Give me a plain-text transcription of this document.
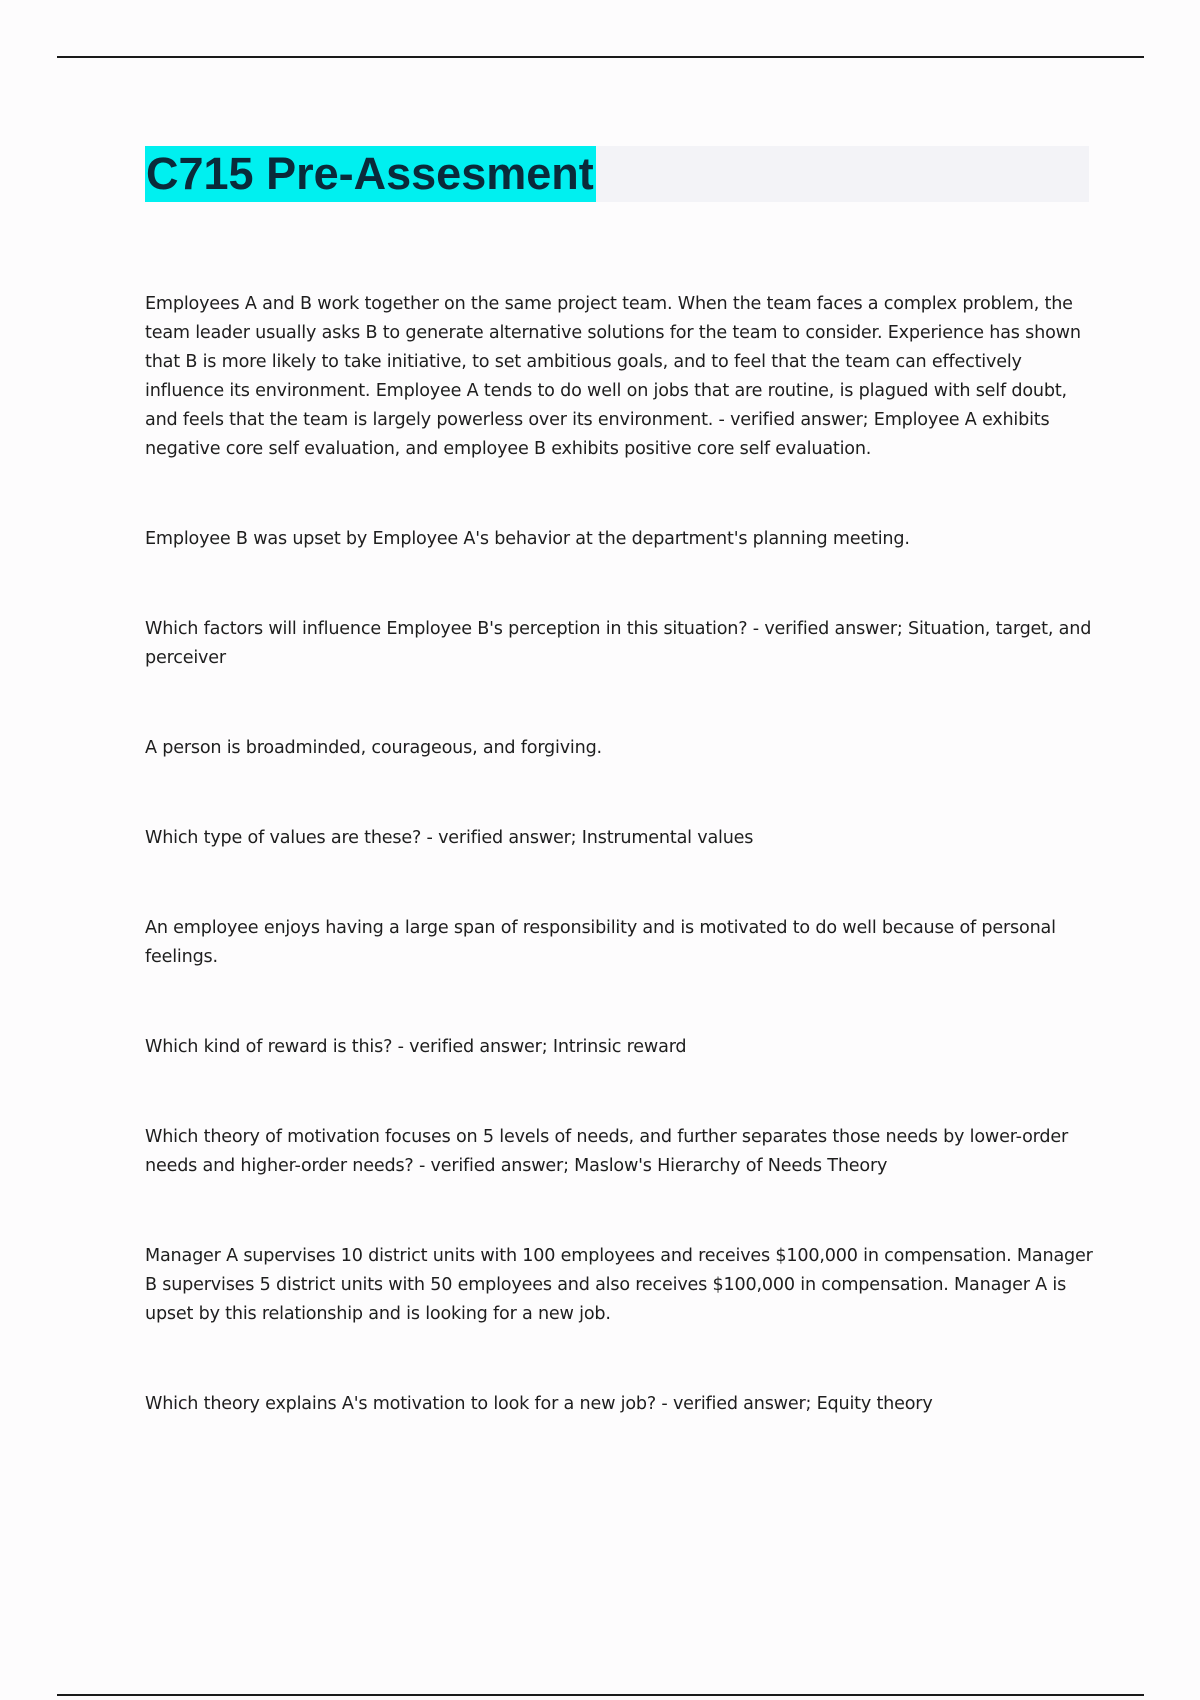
C715 Pre-Assesment

Employees A and B work together on the same project team. When the team faces a complex problem, the team leader usually asks B to generate alternative solutions for the team to consider. Experience has shown that B is more likely to take initiative, to set ambitious goals, and to feel that the team can effectively influence its environment. Employee A tends to do well on jobs that are routine, is plagued with self doubt, and feels that the team is largely powerless over its environment. - verified answer; Employee A exhibits negative core self evaluation, and employee B exhibits positive core self evaluation.

Employee B was upset by Employee A's behavior at the department's planning meeting.

Which factors will influence Employee B's perception in this situation? - verified answer; Situation, target, and perceiver

A person is broadminded, courageous, and forgiving.

Which type of values are these? - verified answer; Instrumental values

An employee enjoys having a large span of responsibility and is motivated to do well because of personal feelings.

Which kind of reward is this? - verified answer; Intrinsic reward

Which theory of motivation focuses on 5 levels of needs, and further separates those needs by lower-order needs and higher-order needs? - verified answer; Maslow's Hierarchy of Needs Theory

Manager A supervises 10 district units with 100 employees and receives $100,000 in compensation. Manager B supervises 5 district units with 50 employees and also receives $100,000 in compensation. Manager A is upset by this relationship and is looking for a new job.

Which theory explains A's motivation to look for a new job? - verified answer; Equity theory
